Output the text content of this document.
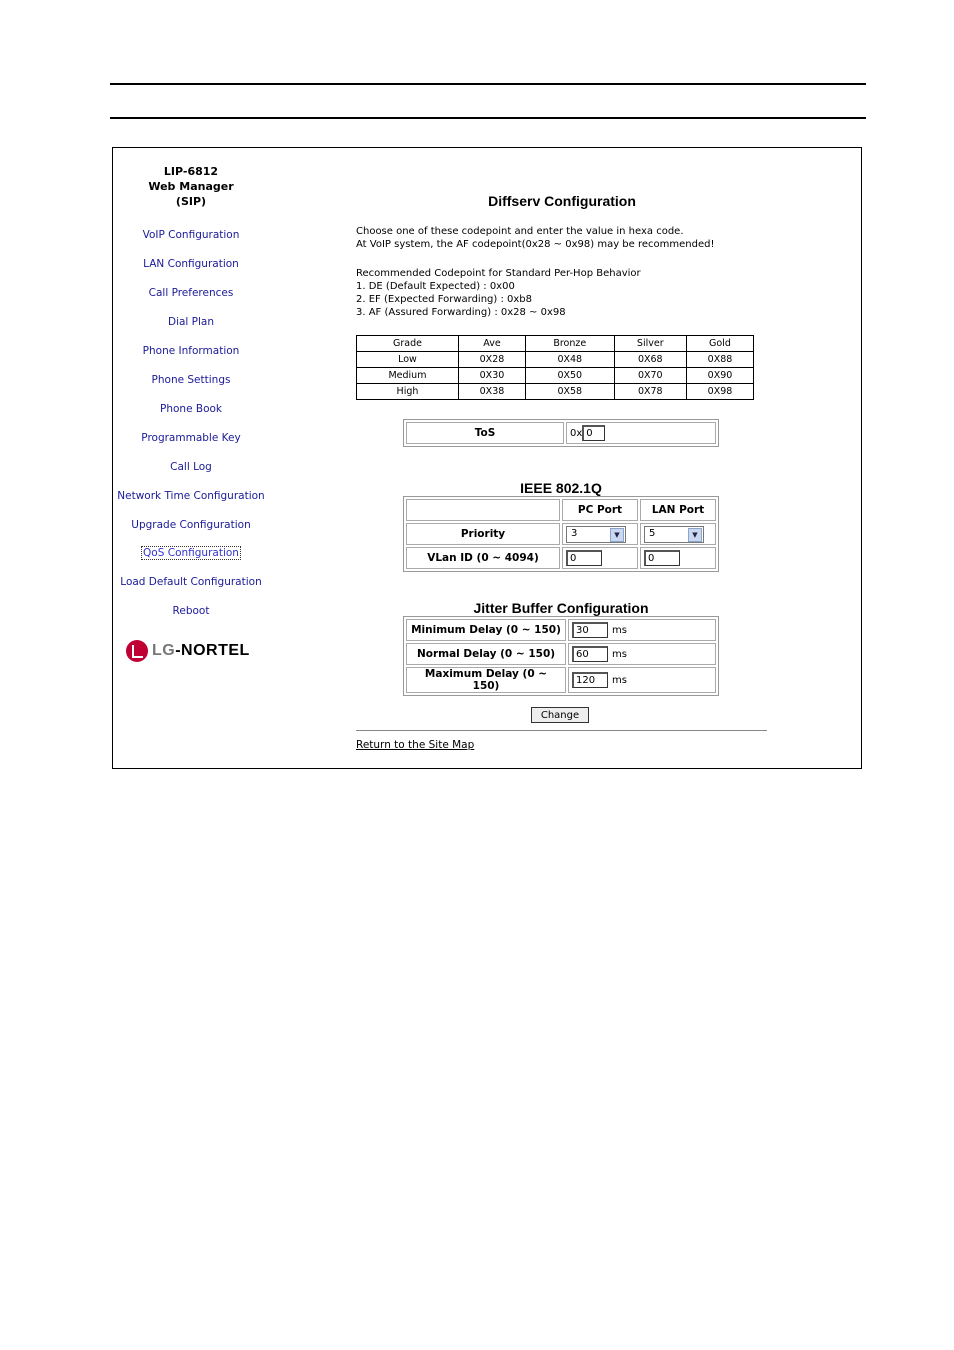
LIP-6812
Web Manager
(SIP)
VoIP Configuration
LAN Configuration
Call Preferences
Dial Plan
Phone Information
Phone Settings
Phone Book
Programmable Key
Call Log
Network Time Configuration
Upgrade Configuration
QoS Configuration
Load Default Configuration
Reboot
LG-NORTEL
Diffserv Configuration
Choose one of these codepoint and enter the value in hexa code.
At VoIP system, the AF codepoint(0x28 ~ 0x98) may be recommended!
Recommended Codepoint for Standard Per-Hop Behavior
1. DE (Default Expected) : 0x00
2. EF (Expected Forwarding) : 0xb8
3. AF (Assured Forwarding) : 0x28 ~ 0x98
Grade	Ave	Bronze	Silver	Gold
Low	0X28	0X48	0X68	0X88
Medium	0X30	0X50	0X70	0X90
High	0X38	0X58	0X78	0X98
ToS	0x0
IEEE 802.1Q
	PC Port	LAN Port
Priority	3 ▼	5 ▼

VLan ID (0 ~ 4094)	0	0
Jitter Buffer Configuration
Minimum Delay (0 ~ 150)	30ms
Normal Delay (0 ~ 150)	60ms
Maximum Delay (0 ~ 150)	120ms
Change
Return to the Site Map
